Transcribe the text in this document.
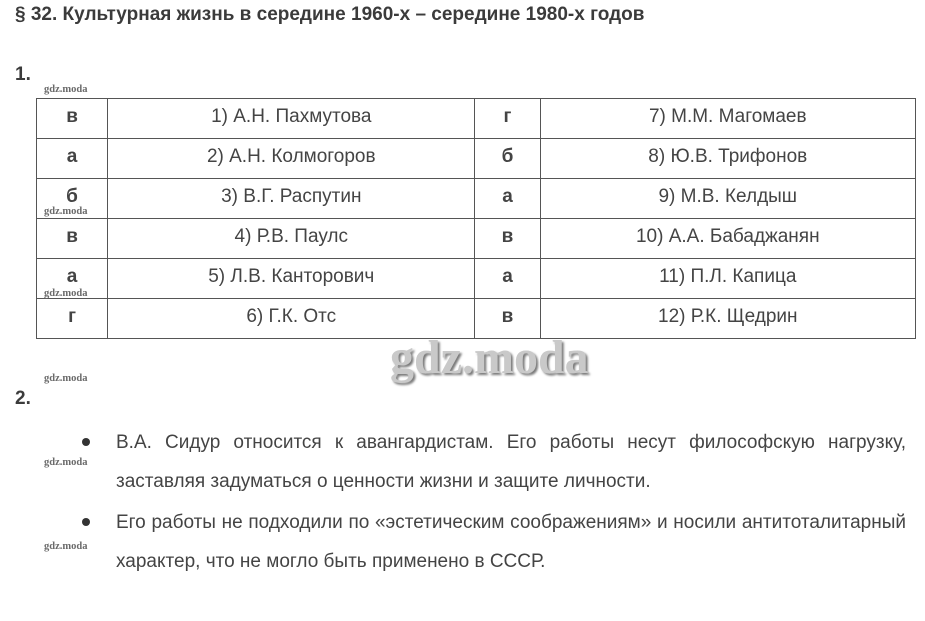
§ 32. Культурная жизнь в середине 1960-х – середине 1980-х годов
1.
gdz.moda
в	1) А.Н. Пахмутова	г	7) М.М. Магомаев
а	2) А.Н. Колмогоров	б	8) Ю.В. Трифонов
б	3) В.Г. Распутин	а	9) М.В. Келдыш
в	4) Р.В. Паулс	в	10) А.А. Бабаджанян
а	5) Л.В. Канторович	а	11) П.Л. Капица
г	6) Г.К. Отс	в	12) Р.К. Щедрин
gdz.moda
gdz.moda
gdz.moda
gdz.moda
2.
gdz.moda
gdz.moda
В.А. Сидур относится к авангардистам. Его работы несут философскую нагрузку, заставляя задуматься о ценности жизни и защите личности.
Его работы не подходили по «эстетическим соображениям» и носили антитоталитарный характер, что не могло быть применено в СССР.
